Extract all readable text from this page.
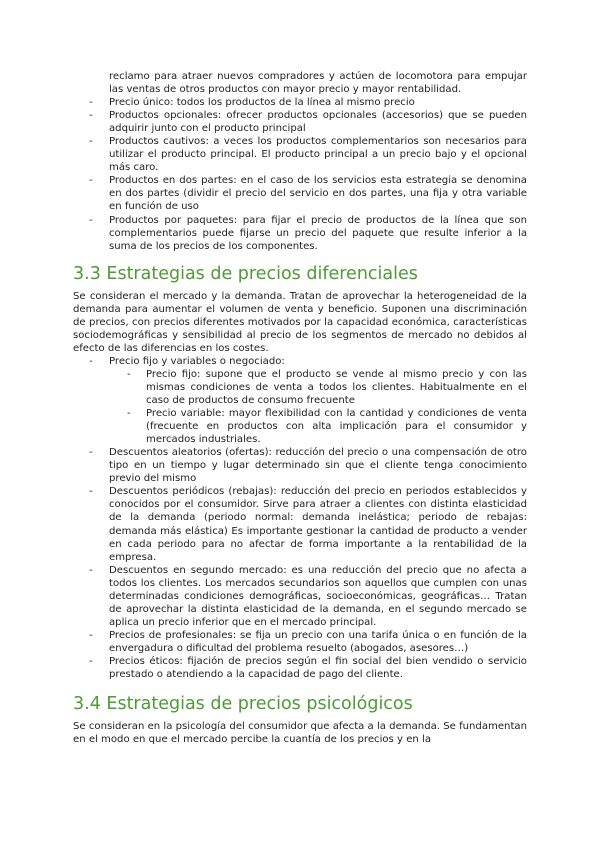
reclamo para atraer nuevos compradores y actúen de locomotora para empujar las ventas de otros productos con mayor precio y mayor rentabilidad.
- Precio único: todos los productos de la línea al mismo precio
- Productos opcionales: ofrecer productos opcionales (accesorios) que se pueden adquirir junto con el producto principal
- Productos cautivos: a veces los productos complementarios son necesarios para utilizar el producto principal. El producto principal a un precio bajo y el opcional más caro.
- Productos en dos partes: en el caso de los servicios esta estrategia se denomina en dos partes (dividir el precio del servicio en dos partes, una fija y otra variable en función de uso
- Productos por paquetes: para fijar el precio de productos de la línea que son complementarios puede fijarse un precio del paquete que resulte inferior a la suma de los precios de los componentes.
3.3 Estrategias de precios diferenciales

Se consideran el mercado y la demanda. Tratan de aprovechar la heterogeneidad de la demanda para aumentar el volumen de venta y beneficio. Suponen una discriminación de precios, con precios diferentes motivados por la capacidad económica, características sociodemográficas y sensibilidad al precio de los segmentos de mercado no debidos al efecto de las diferencias en los costes.

- Precio fijo y variables o negociado:
- Precio fijo: supone que el producto se vende al mismo precio y con las mismas condiciones de venta a todos los clientes. Habitualmente en el caso de productos de consumo frecuente
- Precio variable: mayor flexibilidad con la cantidad y condiciones de venta (frecuente en productos con alta implicación para el consumidor y mercados industriales.
- Descuentos aleatorios (ofertas): reducción del precio o una compensación de otro tipo en un tiempo y lugar determinado sin que el cliente tenga conocimiento previo del mismo
- Descuentos periódicos (rebajas): reducción del precio en periodos establecidos y conocidos por el consumidor. Sirve para atraer a clientes con distinta elasticidad de la demanda (periodo normal: demanda inelástica; periodo de rebajas: demanda más elástica) Es importante gestionar la cantidad de producto a vender en cada periodo para no afectar de forma importante a la rentabilidad de la empresa.
- Descuentos en segundo mercado: es una reducción del precio que no afecta a todos los clientes. Los mercados secundarios son aquellos que cumplen con unas determinadas condiciones demográficas, socioeconómicas, geográficas… Tratan de aprovechar la distinta elasticidad de la demanda, en el segundo mercado se aplica un precio inferior que en el mercado principal.
- Precios de profesionales: se fija un precio con una tarifa única o en función de la envergadura o dificultad del problema resuelto (abogados, asesores…)
- Precios éticos: fijación de precios según el fin social del bien vendido o servicio prestado o atendiendo a la capacidad de pago del cliente.
3.4 Estrategias de precios psicológicos

Se consideran en la psicología del consumidor que afecta a la demanda. Se fundamentan en el modo en que el mercado percibe la cuantía de los precios y en la
